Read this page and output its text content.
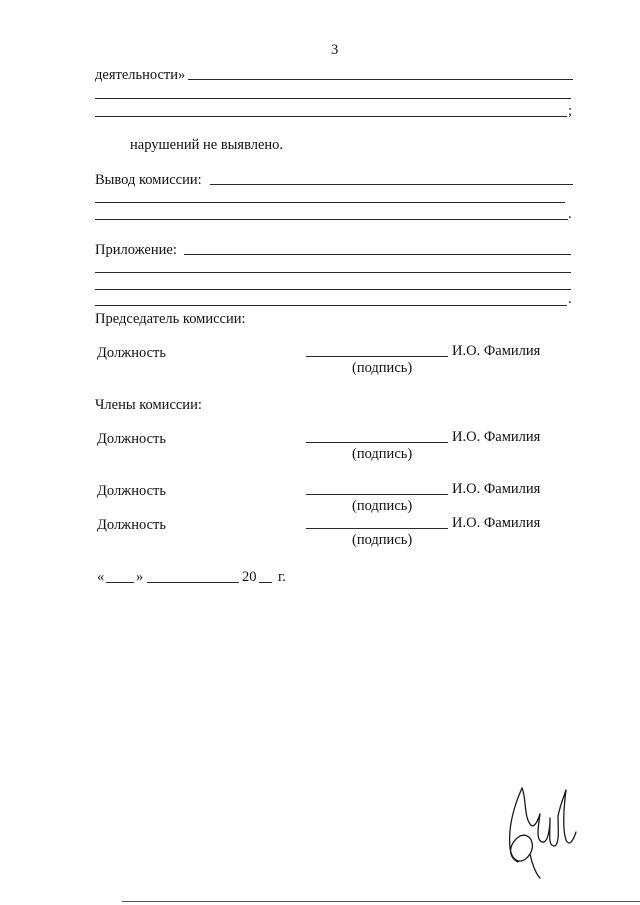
3
деятельности»
;
нарушений не выявлено.
Вывод комиссии:
.
Приложение:
.
Председатель комиссии:
Должность	И.О. Фамилия
(подпись)
Члены комиссии:
Должность	И.О. Фамилия
(подпись)
Должность	И.О. Фамилия
(подпись)
Должность	И.О. Фамилия
(подпись)
« »	20 г.
